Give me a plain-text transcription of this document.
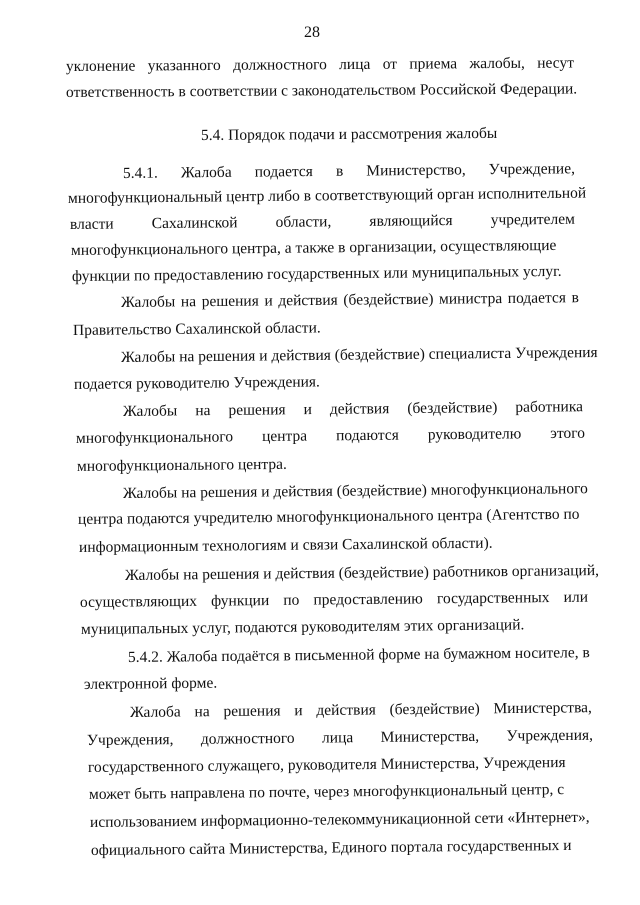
28
уклонение указанного должностного лица от приема жалобы, несут
ответственность в соответствии с законодательством Российской Федерации.
5.4. Порядок подачи и рассмотрения жалобы
5.4.1. Жалоба подается в Министерство, Учреждение,
многофункциональный центр либо в соответствующий орган исполнительной
власти Сахалинской области, являющийся учредителем
многофункционального центра, а также в организации, осуществляющие
функции по предоставлению государственных или муниципальных услуг.
Жалобы на решения и действия (бездействие) министра подается в
Правительство Сахалинской области.
Жалобы на решения и действия (бездействие) специалиста Учреждения
подается руководителю Учреждения.
Жалобы на решения и действия (бездействие) работника
многофункционального центра подаются руководителю этого
многофункционального центра.
Жалобы на решения и действия (бездействие) многофункционального
центра подаются учредителю многофункционального центра (Агентство по
информационным технологиям и связи Сахалинской области).
Жалобы на решения и действия (бездействие) работников организаций,
осуществляющих функции по предоставлению государственных или
муниципальных услуг, подаются руководителям этих организаций.
5.4.2. Жалоба подаётся в письменной форме на бумажном носителе, в
электронной форме.
Жалоба на решения и действия (бездействие) Министерства,
Учреждения, должностного лица Министерства, Учреждения,
государственного служащего, руководителя Министерства, Учреждения
может быть направлена по почте, через многофункциональный центр, с
использованием информационно-телекоммуникационной сети «Интернет»,
официального сайта Министерства, Единого портала государственных и
